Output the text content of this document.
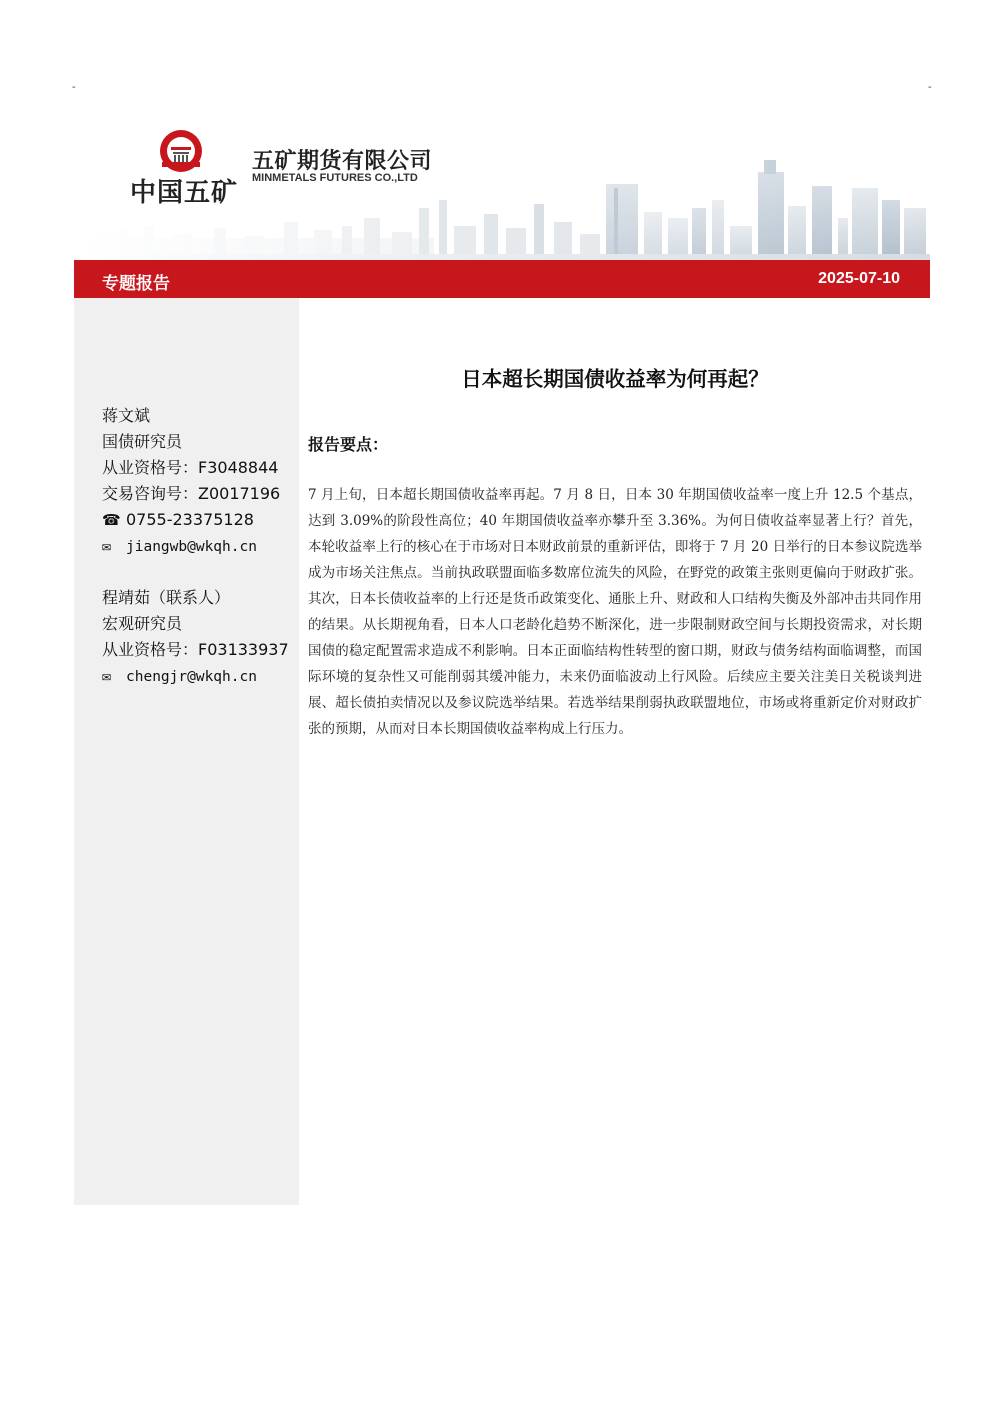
-	-
中国五矿
五矿期货有限公司
MINMETALS FUTURES CO.,LTD
专题报告	2025-07-10
蒋文斌
国债研究员
从业资格号：F3048844
交易咨询号：Z0017196
☎ 0755-23375128
✉ jiangwb@wkqh.cn
程靖茹（联系人）
宏观研究员
从业资格号：F03133937
✉ chengjr@wkqh.cn
日本超长期国债收益率为何再起？
报告要点：
7 月上旬，日本超长期国债收益率再起。7 月 8 日，日本 30 年期国债收益率一度上升 12.5 个基点，达到 3.09%的阶段性高位；40 年期国债收益率亦攀升至 3.36%。为何日债收益率显著上行？首先，本轮收益率上行的核心在于市场对日本财政前景的重新评估，即将于 7 月 20 日举行的日本参议院选举成为市场关注焦点。当前执政联盟面临多数席位流失的风险，在野党的政策主张则更偏向于财政扩张。其次，日本长债收益率的上行还是货币政策变化、通胀上升、财政和人口结构失衡及外部冲击共同作用的结果。从长期视角看，日本人口老龄化趋势不断深化，进一步限制财政空间与长期投资需求，对长期国债的稳定配置需求造成不利影响。日本正面临结构性转型的窗口期，财政与债务结构面临调整，而国际环境的复杂性又可能削弱其缓冲能力，未来仍面临波动上行风险。后续应主要关注美日关税谈判进展、超长债拍卖情况以及参议院选举结果。若选举结果削弱执政联盟地位，市场或将重新定价对财政扩张的预期，从而对日本长期国债收益率构成上行压力。
